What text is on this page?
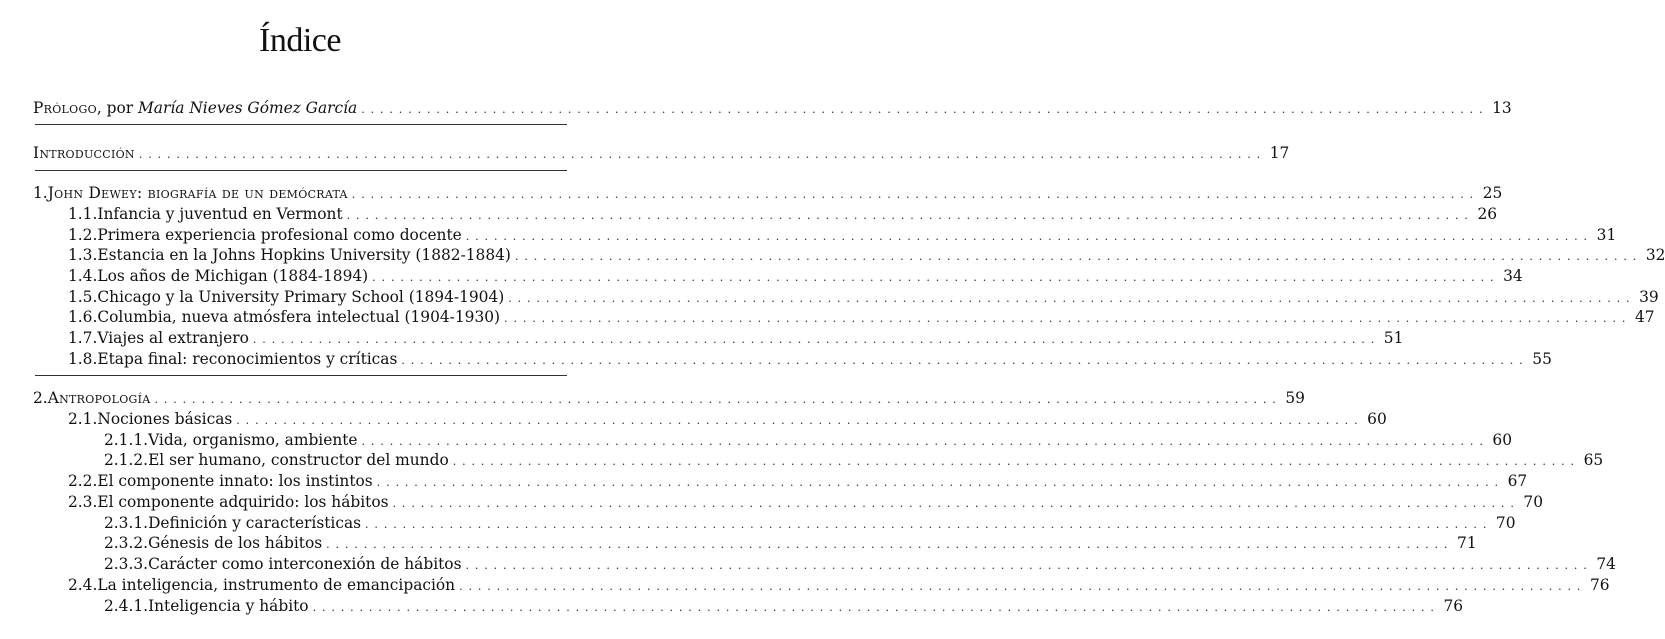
Índice
Prólogo, por María Nieves Gómez García . . . . . . . . . . . . . . . . . . . . . . . . . . . . . . . . . . . . . . . . . . . . . . . . . . . . . . . . . . . . . . . . . . . . . . . . . . . . . . . . . . . . . . . . . . . . . . . . . . . . . . . . . . . . . . . . . . . . . . . . 13
Introducción . . . . . . . . . . . . . . . . . . . . . . . . . . . . . . . . . . . . . . . . . . . . . . . . . . . . . . . . . . . . . . . . . . . . . . . . . . . . . . . . . . . . . . . . . . . . . . . . . . . . . . . . . . . . . . . . . . . . . . . . 17
1. John Dewey: biografía de un demócrata . . . . . . . . . . . . . . . . . . . . . . . . . . . . . . . . . . . . . . . . . . . . . . . . . . . . . . . . . . . . . . . . . . . . . . . . . . . . . . . . . . . . . . . . . . . . . . . . . . . . . . . . . . . . . . . . . . . . . . . . 25
1.1. Infancia y juventud en Vermont . . . . . . . . . . . . . . . . . . . . . . . . . . . . . . . . . . . . . . . . . . . . . . . . . . . . . . . . . . . . . . . . . . . . . . . . . . . . . . . . . . . . . . . . . . . . . . . . . . . . . . . . . . . . . . . . . . . . . . . . 26
1.2. Primera experiencia profesional como docente . . . . . . . . . . . . . . . . . . . . . . . . . . . . . . . . . . . . . . . . . . . . . . . . . . . . . . . . . . . . . . . . . . . . . . . . . . . . . . . . . . . . . . . . . . . . . . . . . . . . . . . . . . . . . . . . . . . . . . . . 31
1.3. Estancia en la Johns Hopkins University (1882-1884) . . . . . . . . . . . . . . . . . . . . . . . . . . . . . . . . . . . . . . . . . . . . . . . . . . . . . . . . . . . . . . . . . . . . . . . . . . . . . . . . . . . . . . . . . . . . . . . . . . . . . . . . . . . . . . . . . . . . . . . . 32
1.4. Los años de Michigan (1884-1894) . . . . . . . . . . . . . . . . . . . . . . . . . . . . . . . . . . . . . . . . . . . . . . . . . . . . . . . . . . . . . . . . . . . . . . . . . . . . . . . . . . . . . . . . . . . . . . . . . . . . . . . . . . . . . . . . . . . . . . . . 34
1.5. Chicago y la University Primary School (1894-1904) . . . . . . . . . . . . . . . . . . . . . . . . . . . . . . . . . . . . . . . . . . . . . . . . . . . . . . . . . . . . . . . . . . . . . . . . . . . . . . . . . . . . . . . . . . . . . . . . . . . . . . . . . . . . . . . . . . . . . . . . 39
1.6. Columbia, nueva atmósfera intelectual (1904-1930) . . . . . . . . . . . . . . . . . . . . . . . . . . . . . . . . . . . . . . . . . . . . . . . . . . . . . . . . . . . . . . . . . . . . . . . . . . . . . . . . . . . . . . . . . . . . . . . . . . . . . . . . . . . . . . . . . . . . . . . . 47
1.7. Viajes al extranjero . . . . . . . . . . . . . . . . . . . . . . . . . . . . . . . . . . . . . . . . . . . . . . . . . . . . . . . . . . . . . . . . . . . . . . . . . . . . . . . . . . . . . . . . . . . . . . . . . . . . . . . . . . . . . . . . . . . . . . . . 51
1.8. Etapa final: reconocimientos y críticas . . . . . . . . . . . . . . . . . . . . . . . . . . . . . . . . . . . . . . . . . . . . . . . . . . . . . . . . . . . . . . . . . . . . . . . . . . . . . . . . . . . . . . . . . . . . . . . . . . . . . . . . . . . . . . . . . . . . . . . . 55
2. Antropología . . . . . . . . . . . . . . . . . . . . . . . . . . . . . . . . . . . . . . . . . . . . . . . . . . . . . . . . . . . . . . . . . . . . . . . . . . . . . . . . . . . . . . . . . . . . . . . . . . . . . . . . . . . . . . . . . . . . . . . . 59
2.1. Nociones básicas . . . . . . . . . . . . . . . . . . . . . . . . . . . . . . . . . . . . . . . . . . . . . . . . . . . . . . . . . . . . . . . . . . . . . . . . . . . . . . . . . . . . . . . . . . . . . . . . . . . . . . . . . . . . . . . . . . . . . . . . 60
2.1.1. Vida, organismo, ambiente . . . . . . . . . . . . . . . . . . . . . . . . . . . . . . . . . . . . . . . . . . . . . . . . . . . . . . . . . . . . . . . . . . . . . . . . . . . . . . . . . . . . . . . . . . . . . . . . . . . . . . . . . . . . . . . . . . . . . . . . 60
2.1.2. El ser humano, constructor del mundo . . . . . . . . . . . . . . . . . . . . . . . . . . . . . . . . . . . . . . . . . . . . . . . . . . . . . . . . . . . . . . . . . . . . . . . . . . . . . . . . . . . . . . . . . . . . . . . . . . . . . . . . . . . . . . . . . . . . . . . . 65
2.2. El componente innato: los instintos . . . . . . . . . . . . . . . . . . . . . . . . . . . . . . . . . . . . . . . . . . . . . . . . . . . . . . . . . . . . . . . . . . . . . . . . . . . . . . . . . . . . . . . . . . . . . . . . . . . . . . . . . . . . . . . . . . . . . . . . 67
2.3. El componente adquirido: los hábitos . . . . . . . . . . . . . . . . . . . . . . . . . . . . . . . . . . . . . . . . . . . . . . . . . . . . . . . . . . . . . . . . . . . . . . . . . . . . . . . . . . . . . . . . . . . . . . . . . . . . . . . . . . . . . . . . . . . . . . . . 70
2.3.1. Definición y características . . . . . . . . . . . . . . . . . . . . . . . . . . . . . . . . . . . . . . . . . . . . . . . . . . . . . . . . . . . . . . . . . . . . . . . . . . . . . . . . . . . . . . . . . . . . . . . . . . . . . . . . . . . . . . . . . . . . . . . . 70
2.3.2. Génesis de los hábitos . . . . . . . . . . . . . . . . . . . . . . . . . . . . . . . . . . . . . . . . . . . . . . . . . . . . . . . . . . . . . . . . . . . . . . . . . . . . . . . . . . . . . . . . . . . . . . . . . . . . . . . . . . . . . . . . . . . . . . . . 71
2.3.3. Carácter como interconexión de hábitos . . . . . . . . . . . . . . . . . . . . . . . . . . . . . . . . . . . . . . . . . . . . . . . . . . . . . . . . . . . . . . . . . . . . . . . . . . . . . . . . . . . . . . . . . . . . . . . . . . . . . . . . . . . . . . . . . . . . . . . . 74
2.4. La inteligencia, instrumento de emancipación . . . . . . . . . . . . . . . . . . . . . . . . . . . . . . . . . . . . . . . . . . . . . . . . . . . . . . . . . . . . . . . . . . . . . . . . . . . . . . . . . . . . . . . . . . . . . . . . . . . . . . . . . . . . . . . . . . . . . . . . 76
2.4.1. Inteligencia y hábito . . . . . . . . . . . . . . . . . . . . . . . . . . . . . . . . . . . . . . . . . . . . . . . . . . . . . . . . . . . . . . . . . . . . . . . . . . . . . . . . . . . . . . . . . . . . . . . . . . . . . . . . . . . . . . . . . . . . . . . . 76
